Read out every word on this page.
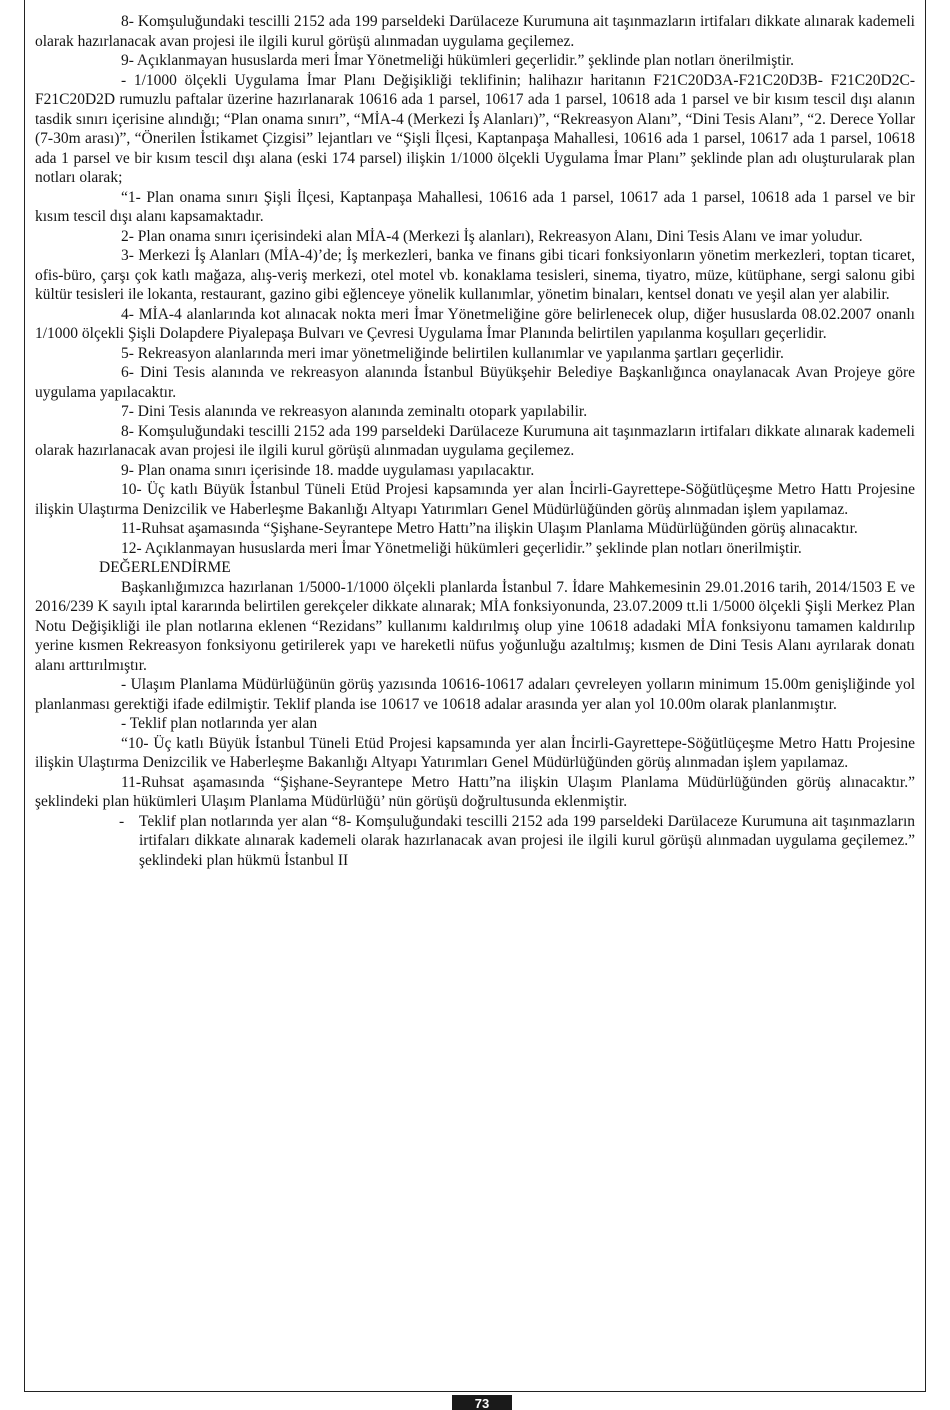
8- Komşuluğundaki tescilli 2152 ada 199 parseldeki Darülaceze Kurumuna ait taşınmazların irtifaları dikkate alınarak kademeli olarak hazırlanacak avan projesi ile ilgili kurul görüşü alınmadan uygulama geçilemez.

9- Açıklanmayan hususlarda meri İmar Yönetmeliği hükümleri geçerlidir.” şeklinde plan notları önerilmiştir.

- 1/1000 ölçekli Uygulama İmar Planı Değişikliği teklifinin; halihazır haritanın F21C20D3A-F21C20D3B- F21C20D2C- F21C20D2D rumuzlu paftalar üzerine hazırlanarak 10616 ada 1 parsel, 10617 ada 1 parsel, 10618 ada 1 parsel ve bir kısım tescil dışı alanın tasdik sınırı içerisine alındığı; “Plan onama sınırı”, “MİA-4 (Merkezi İş Alanları)”, “Rekreasyon Alanı”, “Dini Tesis Alanı”, “2. Derece Yollar (7-30m arası)”, “Önerilen İstikamet Çizgisi” lejantları ve “Şişli İlçesi, Kaptanpaşa Mahallesi, 10616 ada 1 parsel, 10617 ada 1 parsel, 10618 ada 1 parsel ve bir kısım tescil dışı alana (eski 174 parsel) ilişkin 1/1000 ölçekli Uygulama İmar Planı” şeklinde plan adı oluşturularak plan notları olarak;

“1- Plan onama sınırı Şişli İlçesi, Kaptanpaşa Mahallesi, 10616 ada 1 parsel, 10617 ada 1 parsel, 10618 ada 1 parsel ve bir kısım tescil dışı alanı kapsamaktadır.

2- Plan onama sınırı içerisindeki alan MİA-4 (Merkezi İş alanları), Rekreasyon Alanı, Dini Tesis Alanı ve imar yoludur.

3- Merkezi İş Alanları (MİA-4)’de; İş merkezleri, banka ve finans gibi ticari fonksiyonların yönetim merkezleri, toptan ticaret, ofis-büro, çarşı çok katlı mağaza, alış-veriş merkezi, otel motel vb. konaklama tesisleri, sinema, tiyatro, müze, kütüphane, sergi salonu gibi kültür tesisleri ile lokanta, restaurant, gazino gibi eğlenceye yönelik kullanımlar, yönetim binaları, kentsel donatı ve yeşil alan yer alabilir.

4- MİA-4 alanlarında kot alınacak nokta meri İmar Yönetmeliğine göre belirlenecek olup, diğer hususlarda 08.02.2007 onanlı 1/1000 ölçekli Şişli Dolapdere Piyalepaşa Bulvarı ve Çevresi Uygulama İmar Planında belirtilen yapılanma koşulları geçerlidir.

5- Rekreasyon alanlarında meri imar yönetmeliğinde belirtilen kullanımlar ve yapılanma şartları geçerlidir.

6- Dini Tesis alanında ve rekreasyon alanında İstanbul Büyükşehir Belediye Başkanlığınca onaylanacak Avan Projeye göre uygulama yapılacaktır.

7- Dini Tesis alanında ve rekreasyon alanında zeminaltı otopark yapılabilir.

8- Komşuluğundaki tescilli 2152 ada 199 parseldeki Darülaceze Kurumuna ait taşınmazların irtifaları dikkate alınarak kademeli olarak hazırlanacak avan projesi ile ilgili kurul görüşü alınmadan uygulama geçilemez.

9- Plan onama sınırı içerisinde 18. madde uygulaması yapılacaktır.

10- Üç katlı Büyük İstanbul Tüneli Etüd Projesi kapsamında yer alan İncirli-Gayrettepe-Söğütlüçeşme Metro Hattı Projesine ilişkin Ulaştırma Denizcilik ve Haberleşme Bakanlığı Altyapı Yatırımları Genel Müdürlüğünden görüş alınmadan işlem yapılamaz.

11-Ruhsat aşamasında “Şişhane-Seyrantepe Metro Hattı”na ilişkin Ulaşım Planlama Müdürlüğünden görüş alınacaktır.

12- Açıklanmayan hususlarda meri İmar Yönetmeliği hükümleri geçerlidir.” şeklinde plan notları önerilmiştir.

DEĞERLENDİRME

Başkanlığımızca hazırlanan 1/5000-1/1000 ölçekli planlarda İstanbul 7. İdare Mahkemesinin 29.01.2016 tarih, 2014/1503 E ve 2016/239 K sayılı iptal kararında belirtilen gerekçeler dikkate alınarak; MİA fonksiyonunda, 23.07.2009 tt.li 1/5000 ölçekli Şişli Merkez Plan Notu Değişikliği ile plan notlarına eklenen “Rezidans” kullanımı kaldırılmış olup yine 10618 adadaki MİA fonksiyonu tamamen kaldırılıp yerine kısmen Rekreasyon fonksiyonu getirilerek yapı ve hareketli nüfus yoğunluğu azaltılmış; kısmen de Dini Tesis Alanı ayrılarak donatı alanı arttırılmıştır.

- Ulaşım Planlama Müdürlüğünün görüş yazısında 10616-10617 adaları çevreleyen yolların minimum 15.00m genişliğinde yol planlanması gerektiği ifade edilmiştir. Teklif planda ise 10617 ve 10618 adalar arasında yer alan yol 10.00m olarak planlanmıştır.

- Teklif plan notlarında yer alan

“10- Üç katlı Büyük İstanbul Tüneli Etüd Projesi kapsamında yer alan İncirli-Gayrettepe-Söğütlüçeşme Metro Hattı Projesine ilişkin Ulaştırma Denizcilik ve Haberleşme Bakanlığı Altyapı Yatırımları Genel Müdürlüğünden görüş alınmadan işlem yapılamaz.

11-Ruhsat aşamasında “Şişhane-Seyrantepe Metro Hattı”na ilişkin Ulaşım Planlama Müdürlüğünden görüş alınacaktır.” şeklindeki plan hükümleri Ulaşım Planlama Müdürlüğü’ nün görüşü doğrultusunda eklenmiştir.

- Teklif plan notlarında yer alan “8- Komşuluğundaki tescilli 2152 ada 199 parseldeki Darülaceze Kurumuna ait taşınmazların irtifaları dikkate alınarak kademeli olarak hazırlanacak avan projesi ile ilgili kurul görüşü alınmadan uygulama geçilemez.” şeklindeki plan hükmü İstanbul II
73
